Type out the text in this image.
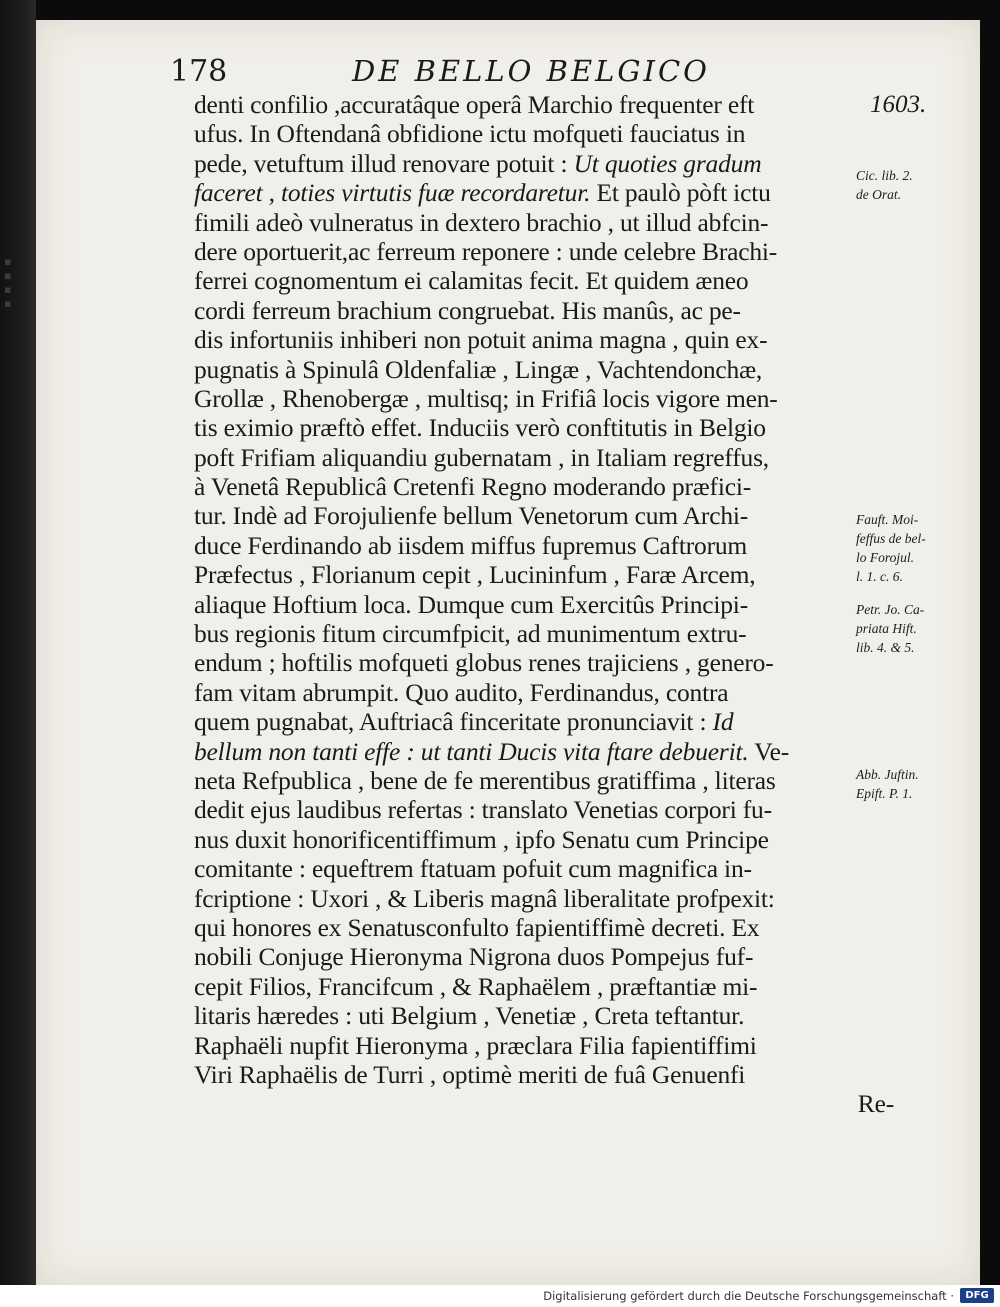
▪
▪
▪
▪
178	DE BELLO BELGICO
1603.
denti confilio ,accuratâque operâ Marchio frequenter eft
ufus. In Oftendanâ obfidione ictu mofqueti fauciatus in
pede, vetuftum illud renovare potuit : Ut quoties gradum
faceret , toties virtutis fuæ recordaretur. Et paulò pòft ictu
fimili adeò vulneratus in dextero brachio , ut illud abfcin-
dere oportuerit,ac ferreum reponere : unde celebre Brachi-
ferrei cognomentum ei calamitas fecit. Et quidem æneo
cordi ferreum brachium congruebat. His manûs, ac pe-
dis infortuniis inhiberi non potuit anima magna , quin ex-
pugnatis à Spinulâ Oldenfaliæ , Lingæ , Vachtendonchæ,
Grollæ , Rhenobergæ , multisq; in Frifiâ locis vigore men-
tis eximio præftò effet. Induciis verò conftitutis in Belgio
poft Frifiam aliquandiu gubernatam , in Italiam regreffus,
à Venetâ Republicâ Cretenfi Regno moderando præfici-
tur. Indè ad Forojulienfe bellum Venetorum cum Archi-
duce Ferdinando ab iisdem miffus fupremus Caftrorum
Præfectus , Florianum cepit , Lucininfum , Faræ Arcem,
aliaque Hoftium loca. Dumque cum Exercitûs Principi-
bus regionis fitum circumfpicit, ad munimentum extru-
endum ; hoftilis mofqueti globus renes trajiciens , genero-
fam vitam abrumpit. Quo audito, Ferdinandus, contra
quem pugnabat, Auftriacâ finceritate pronunciavit : Id
bellum non tanti effe : ut tanti Ducis vita ftare debuerit. Ve-
neta Refpublica , bene de fe merentibus gratiffima , literas
dedit ejus laudibus refertas : translato Venetias corpori fu-
nus duxit honorificentiffimum , ipfo Senatu cum Principe
comitante : equeftrem ftatuam pofuit cum magnifica in-
fcriptione : Uxori , & Liberis magnâ liberalitate profpexit:
qui honores ex Senatusconfulto fapientiffimè decreti. Ex
nobili Conjuge Hieronyma Nigrona duos Pompejus fuf-
cepit Filios, Francifcum , & Raphaëlem , præftantiæ mi-
litaris hæredes : uti Belgium , Venetiæ , Creta teftantur.
Raphaëli nupfit Hieronyma , præclara Filia fapientiffimi
Viri Raphaëlis de Turri , optimè meriti de fuâ Genuenfi
Re-
Cic. lib. 2.
de Orat.
Fauft. Moi-
feffus de bel-
lo Forojul.
l. 1. c. 6.
Petr. Jo. Ca-
priata Hift.
lib. 4. & 5.
Abb. Juftin.
Epift. P. 1.
Digitalisierung gefördert durch die Deutsche Forschungsgemeinschaft ·	DFG
